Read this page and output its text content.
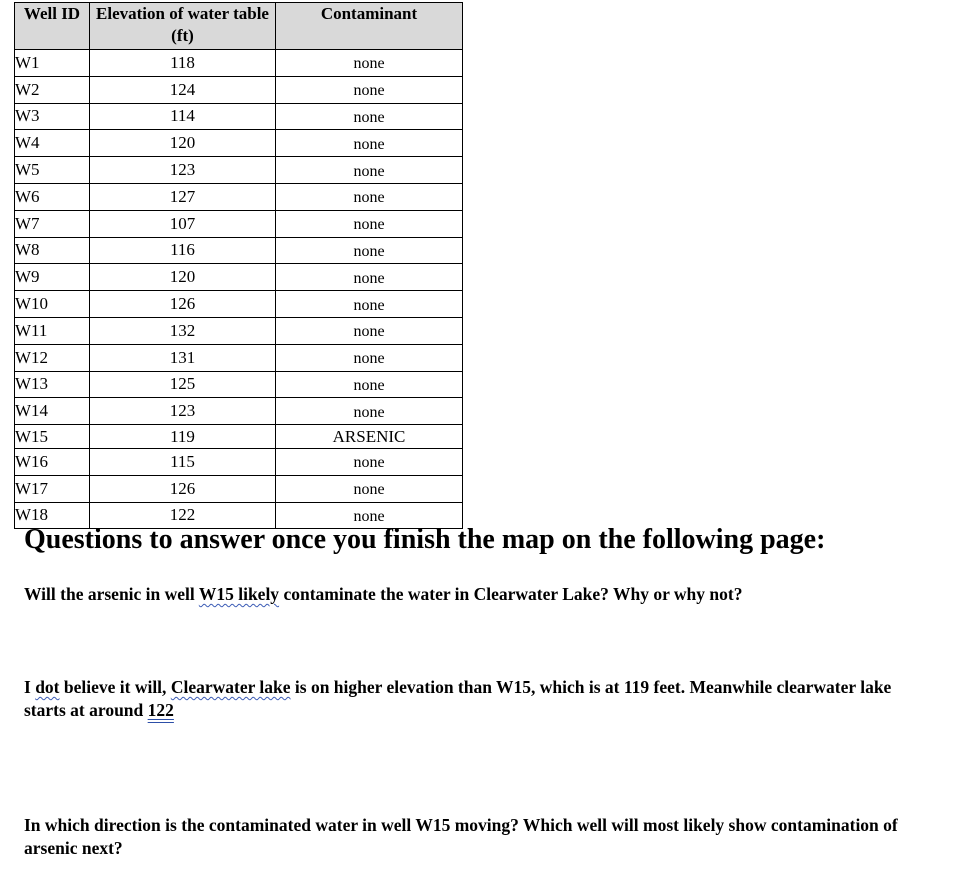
Well ID	Elevation of water table (ft)	Contaminant
W1	118	none
W2	124	none
W3	114	none
W4	120	none
W5	123	none
W6	127	none
W7	107	none
W8	116	none
W9	120	none
W10	126	none
W11	132	none
W12	131	none
W13	125	none
W14	123	none
W15	119	ARSENIC
W16	115	none
W17	126	none
W18	122	none
Questions to answer once you finish the map on the following page:

Will the arsenic in well W15 likely contaminate the water in Clearwater Lake? Why or why not?

I dot believe it will, Clearwater lake is on higher elevation than W15, which is at 119 feet. Meanwhile clearwater lake starts at around 122

In which direction is the contaminated water in well W15 moving? Which well will most likely show contamination of arsenic next?
